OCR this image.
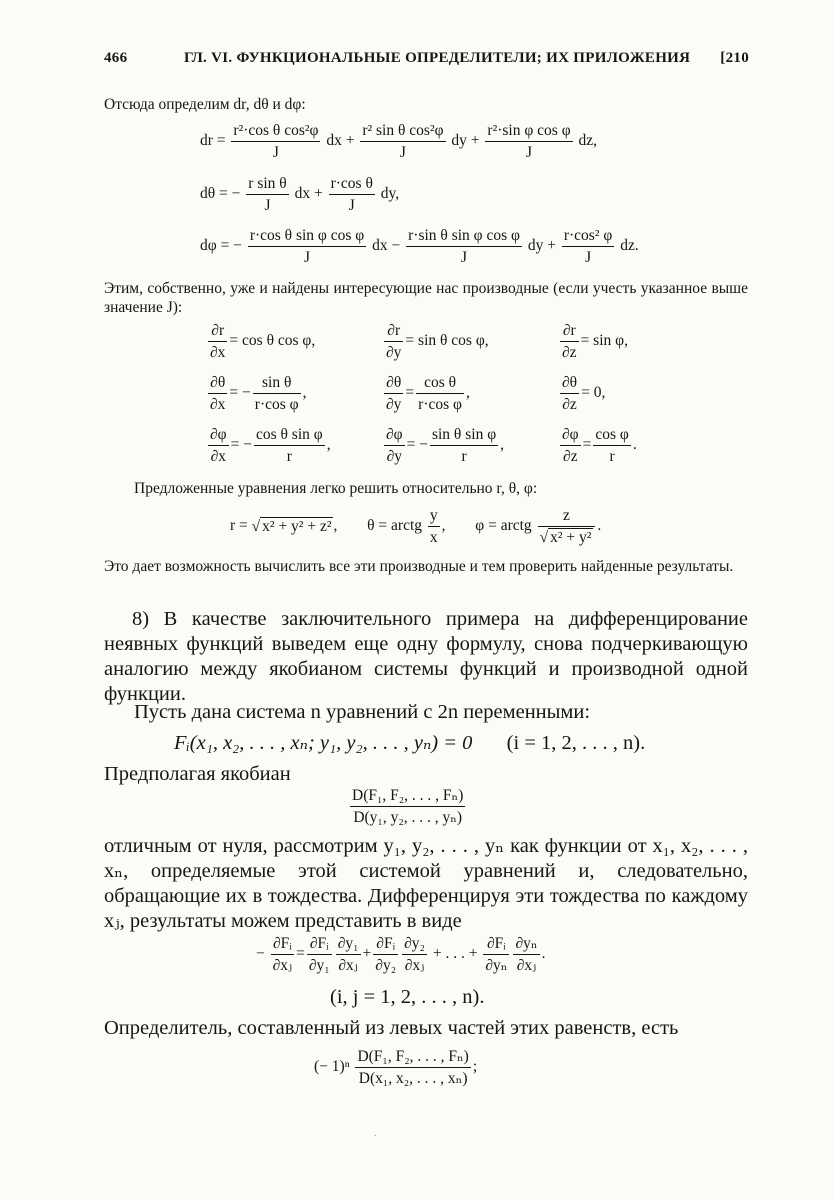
466	ГЛ. VI. ФУНКЦИОНАЛЬНЫЕ ОПРЕДЕЛИТЕЛИ; ИХ ПРИЛОЖЕНИЯ [210
Отсюда определим dr, dθ и dφ:
dr = $\frac{\text{r²·cos θ cos²φ}}{J}$ dx + $\frac{\text{r² sin θ cos²φ}}{J}$ dy + $\frac{\text{r²·sin φ cos φ}}{J}$ dz,
dθ = − $\frac{\text{r sin θ}}{J}$ dx + $\frac{\text{r·cos θ}}{J}$ dy,
dφ = − $\frac{\text{r·cos θ sin φ cos φ}}{J}$ dx − $\frac{\text{r·sin θ sin φ cos φ}}{J}$ dy + $\frac{\text{r·cos² φ}}{J}$ dz.
Этим, собственно, уже и найдены интересующие нас производные (если учесть указанное выше значение J):
$\frac{\partial r}{\partial x} = \cos \theta$ cos φ,	$\frac{\partial r}{\partial y} = \sin \theta$ cos φ,	$\frac{\partial r}{\partial z} = \sin \varphi$,
$\frac{\partial\theta}{\partial x}$ = − $\frac{\text{sin θ}}{\text{r·cos φ}}$ ,	$\frac{\partial\theta}{\partial y} = \frac{\text{cos θ}}{\text{r·cos φ}}$ ,	$\frac{\partial\theta}{\partial z} = 0$,
$\frac{\partial\varphi}{\partial x}$ = − $\frac{\text{cos θ sin φ}}{r}$ ,	$\frac{\partial\varphi}{\partial y}$ = − $\frac{\text{sin θ sin φ}}{r}$ ,	$\frac{\partial\varphi}{\partial z} = \frac{\text{cos φ}}{r}$ .
Предложенные уравнения легко решить относительно r, θ, φ:
r = √ x² + y² + z² , θ = arctg $\frac{y}{x}$ , φ = arctg $\frac{z}{\text{√ x² + y²}}$ .
Это дает возможность вычислить все эти производные и тем проверить найденные результаты.
8) В качестве заключительного примера на дифференцирование неявных функций выведем еще одну формулу, снова подчеркивающую аналогию между якобианом системы функций и производной одной функции.
Пусть дана система n уравнений с 2n переменными:
Fᵢ(x₁, x₂, . . . , xₙ; y₁, y₂, . . . , yₙ) = 0 (i = 1, 2, . . . , n).
Предполагая якобиан
$\frac{\text{D(F₁, F₂, . . . , Fₙ)}}{\text{D(y₁, y₂, . . . , yₙ)}}$
отличным от нуля, рассмотрим y₁, y₂, . . . , yₙ как функции от x₁, x₂, . . . , xₙ, определяемые этой системой уравнений и, следовательно, обращающие их в тождества. Дифференцируя эти тождества по каждому xⱼ, результаты можем представить в виде
− $\frac{\text{∂Fᵢ}}{\text{∂xⱼ}} = \frac{\text{∂Fᵢ}}{\text{∂y₁}} \frac{\text{∂y₁}}{\text{∂xⱼ}} + \frac{\text{∂Fᵢ}}{\text{∂y₂}} \frac{\text{∂y₂}}{\text{∂xⱼ}}$ + . . . + $\frac{\text{∂Fᵢ}}{\text{∂yₙ}} \frac{\text{∂yₙ}}{\text{∂xⱼ}}$ .
(i, j = 1, 2, . . . , n).
Определитель, составленный из левых частей этих равенств, есть
(− $1)^n \frac{\text{D(F₁, F₂, . . . , Fₙ)}}{\text{D(x₁, x₂, . . . , xₙ)}}$ ;
.
